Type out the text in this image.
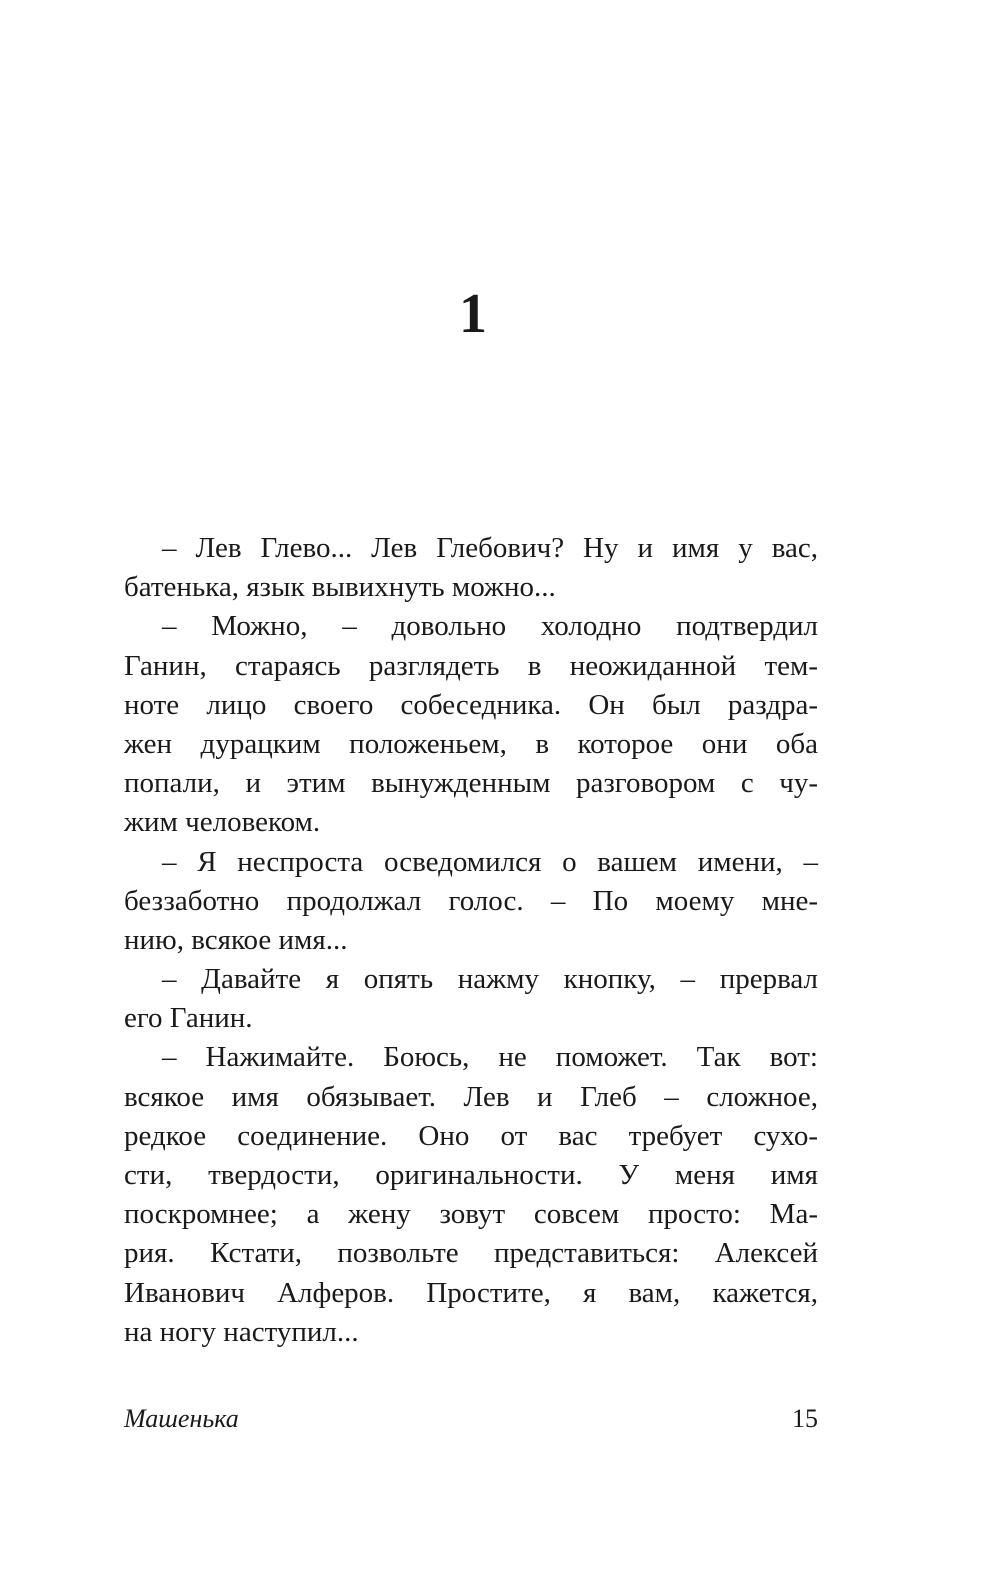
1
– Лев Глево... Лев Глебович? Ну и имя у вас,
батенька, язык вывихнуть можно...
– Можно, – довольно холодно подтвердил
Ганин, стараясь разглядеть в неожиданной тем-
ноте лицо своего собеседника. Он был раздра-
жен дурацким положеньем, в которое они оба
попали, и этим вынужденным разговором с чу-
жим человеком.
– Я неспроста осведомился о вашем имени, –
беззаботно продолжал голос. – По моему мне-
нию, всякое имя...
– Давайте я опять нажму кнопку, – прервал
его Ганин.
– Нажимайте. Боюсь, не поможет. Так вот:
всякое имя обязывает. Лев и Глеб – сложное,
редкое соединение. Оно от вас требует сухо-
сти, твердости, оригинальности. У меня имя
поскромнее; а жену зовут совсем просто: Ма-
рия. Кстати, позвольте представиться: Алексей
Иванович Алферов. Простите, я вам, кажется,
на ногу наступил...
Машенька	15
